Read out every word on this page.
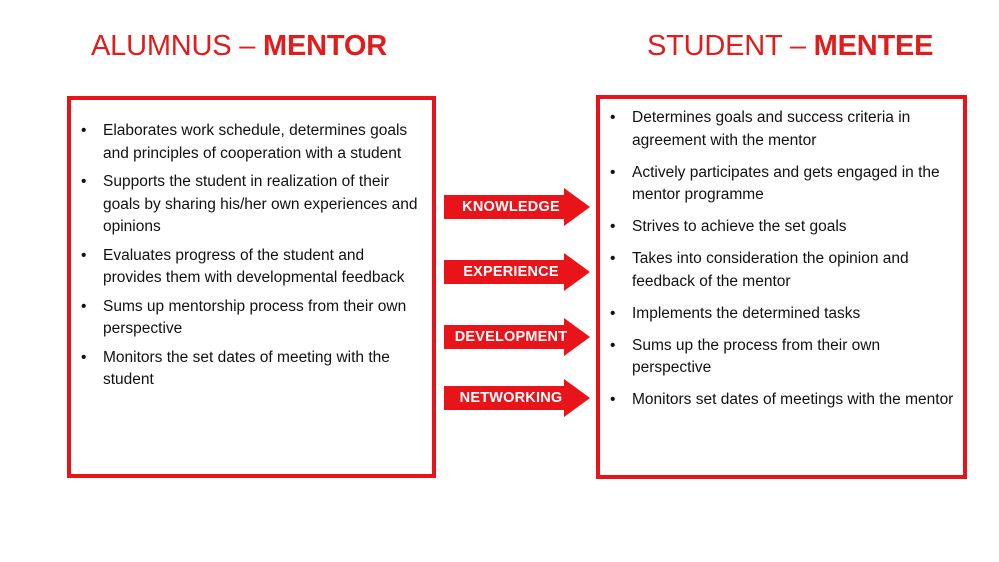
ALUMNUS – MENTOR	STUDENT – MENTEE
• Elaborates work schedule, determines goals and principles of cooperation with a student
• Supports the student in realization of their goals by sharing his/her own experiences and opinions
• Evaluates progress of the student and provides them with developmental feedback
• Sums up mentorship process from their own perspective
• Monitors the set dates of meeting with the student
KNOWLEDGE
EXPERIENCE
DEVELOPMENT
NETWORKING
• Determines goals and success criteria in agreement with the mentor
• Actively participates and gets engaged in the mentor programme
• Strives to achieve the set goals
• Takes into consideration the opinion and feedback of the mentor
• Implements the determined tasks
• Sums up the process from their own perspective
• Monitors set dates of meetings with the mentor
